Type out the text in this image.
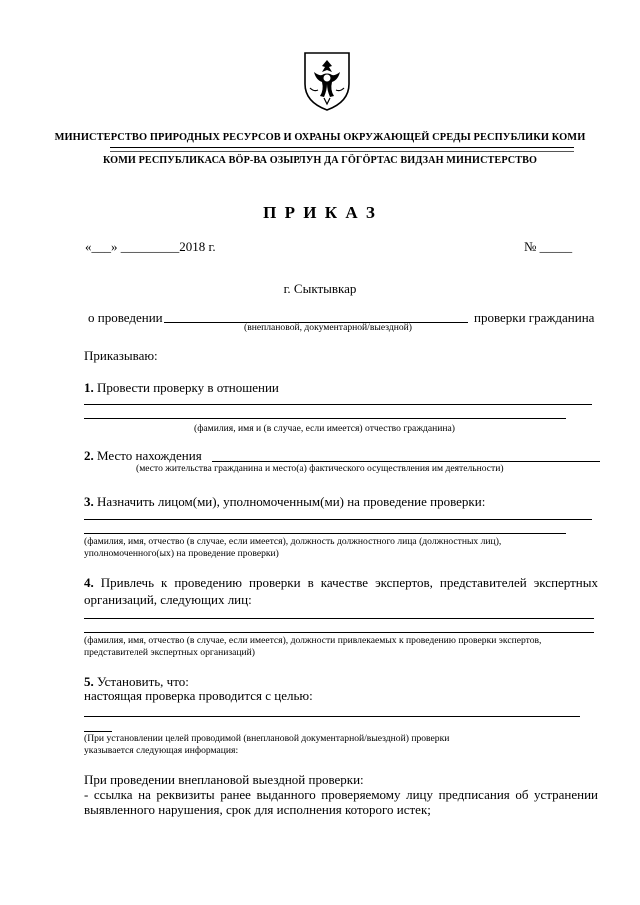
МИНИСТЕРСТВО ПРИРОДНЫХ РЕСУРСОВ И ОХРАНЫ ОКРУЖАЮЩЕЙ СРЕДЫ РЕСПУБЛИКИ КОМИ
КОМИ РЕСПУБЛИКАСА ВӦР-ВА ОЗЫРЛУН ДА ГӦГӦРТАС ВИДЗАН МИНИСТЕРСТВО
П Р И К А З
«___» _________2018 г.	№ _____
г. Сыктывкар
о проведении	проверки гражданина
(внеплановой, документарной/выездной)
Приказываю:
1. Провести проверку в отношении
(фамилия, имя и (в случае, если имеется) отчество гражданина)
2. Место нахождения
(место жительства гражданина и место(а) фактического осуществления им деятельности)
3. Назначить лицом(ми), уполномоченным(ми) на проведение проверки:
(фамилия, имя, отчество (в случае, если имеется), должность должностного лица (должностных лиц),
уполномоченного(ых) на проведение проверки)
4. Привлечь к проведению проверки в качестве экспертов, представителей экспертных
организаций, следующих лиц:
(фамилия, имя, отчество (в случае, если имеется), должности привлекаемых к проведению проверки экспертов,
представителей экспертных организаций)
5. Установить, что:
настоящая проверка проводится с целью:
(При установлении целей проводимой (внеплановой документарной/выездной) проверки
указывается следующая информация:
При проведении внеплановой выездной проверки:
- ссылка на реквизиты ранее выданного проверяемому лицу предписания об устранении
выявленного нарушения, срок для исполнения которого истек;
